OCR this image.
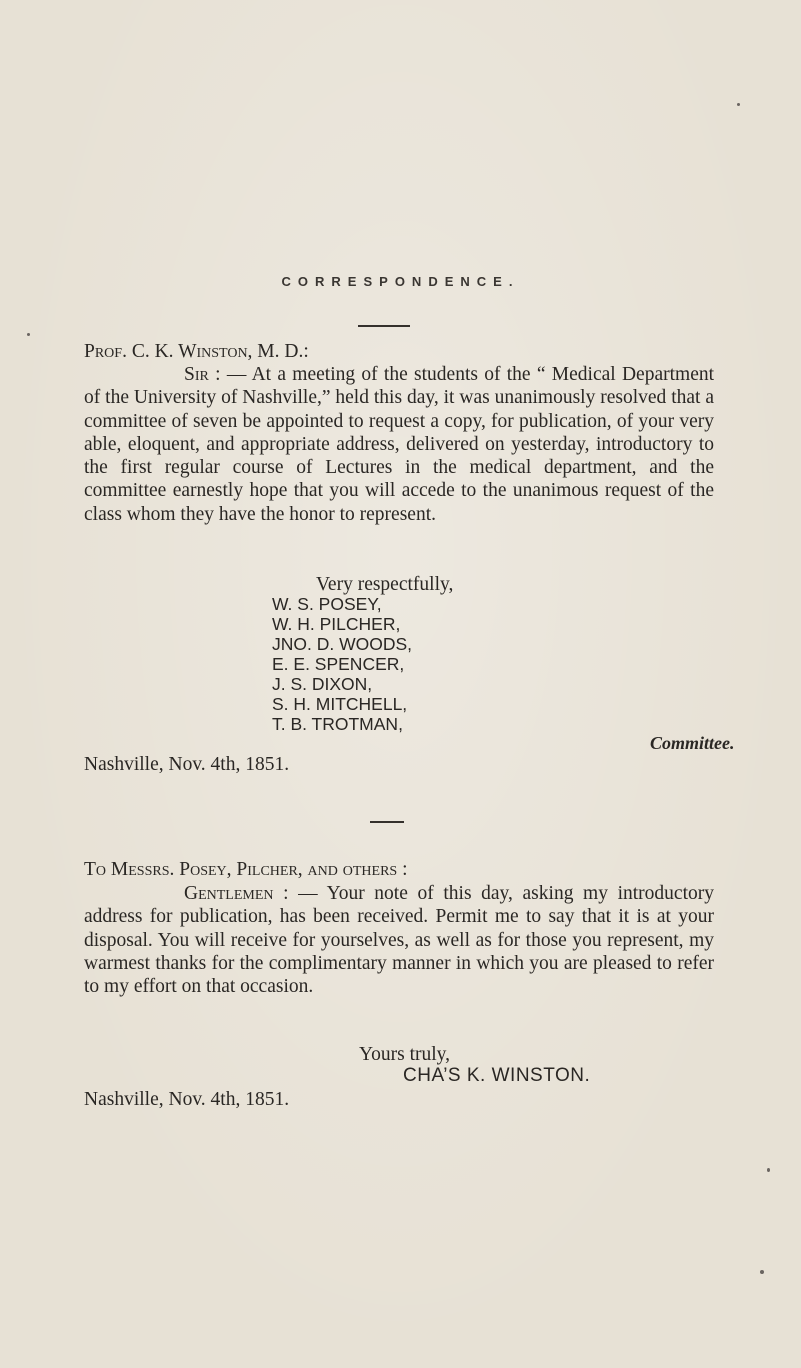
CORRESPONDENCE.
Prof. C. K. Winston, M. D.:
Sir : — At a meeting of the students of the “ Medical Department of the University of Nashville,” held this day, it was unanimously resolved that a committee of seven be appointed to request a copy, for publication, of your very able, eloquent, and appropriate address, delivered on yesterday, introductory to the first regular course of Lectures in the medical department, and the committee earnestly hope that you will accede to the unanimous request of the class whom they have the honor to represent.
Very respectfully,
W. S. POSEY,
W. H. PILCHER,
JNO. D. WOODS,
E. E. SPENCER,
J. S. DIXON,
S. H. MITCHELL,
T. B. TROTMAN,
Committee.
Nashville, Nov. 4th, 1851.
To Messrs. Posey, Pilcher, and others :
Gentlemen : — Your note of this day, asking my introductory address for publication, has been received. Permit me to say that it is at your disposal. You will receive for yourselves, as well as for those you represent, my warmest thanks for the complimentary manner in which you are pleased to refer to my effort on that occasion.
Yours truly,
CHA’S K. WINSTON.
Nashville, Nov. 4th, 1851.
